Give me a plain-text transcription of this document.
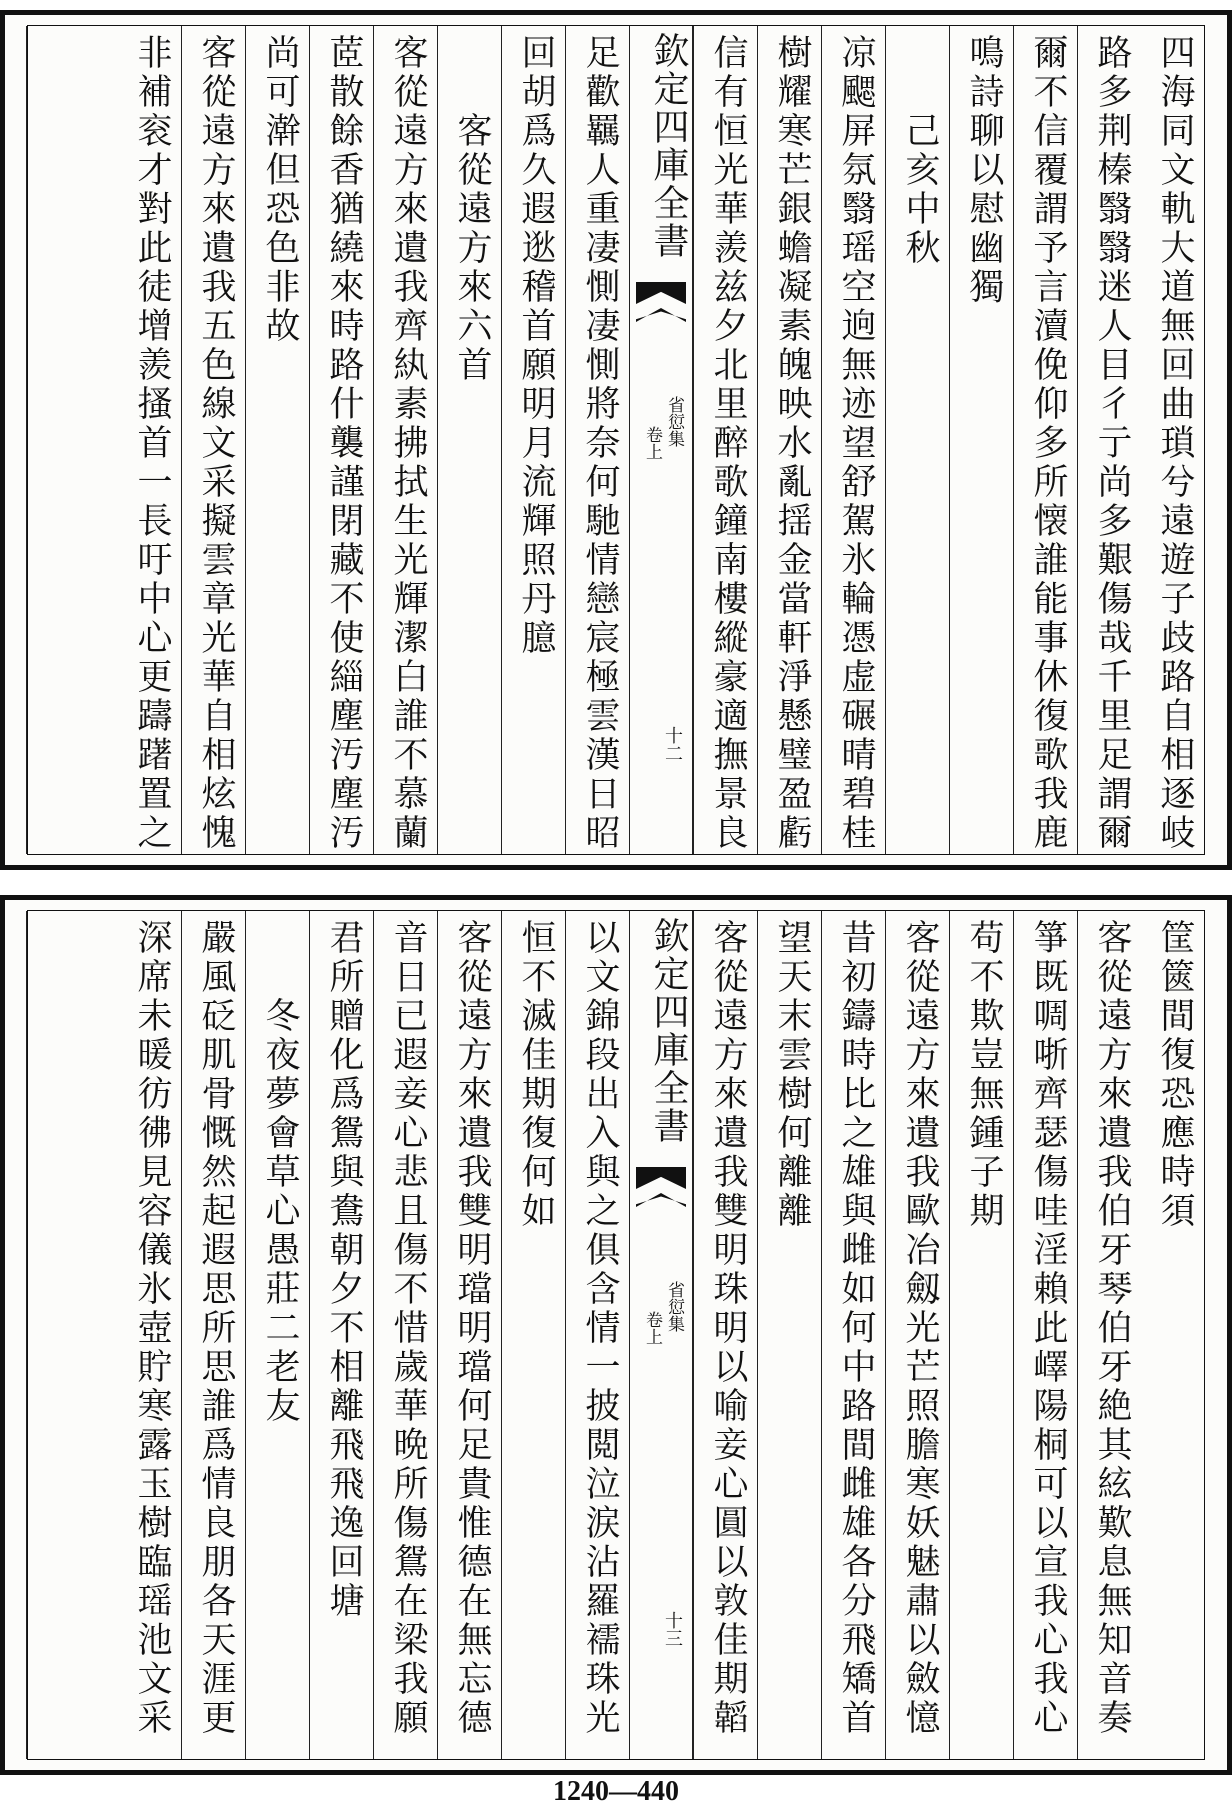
四海同文軌大道無回曲瑣兮遠遊子歧路自相逐岐
路多荆榛翳翳迷人目彳亍尚多艱傷哉千里足謂爾
爾不信覆謂予言瀆俛仰多所懐誰能事休復歌我鹿
鳴詩聊以慰幽獨
　　己亥中秋
凉颸屏氛翳瑶空逈無迹望舒駕氷輪憑虚碾晴碧桂
樹耀寒芒銀蟾凝素魄映水亂揺金當軒淨懸璧盈虧
信有恒光華羨兹夕北里醉歌鐘南樓縱豪適撫景良
欽定四庫全書
省愆集
卷上
十二
足歡羈人重凄惻凄惻將奈何馳情戀宸極雲漢日昭
回胡爲久遐逖稽首願明月流輝照丹臆
　　客從遠方來六首
客從遠方來遺我齊紈素拂拭生光輝潔白誰不慕蘭
茝散餘香猶繞來時路什襲謹閉藏不使緇塵汚塵汚
尚可澣但恐色非故
客從遠方來遺我五色線文采擬雲章光華自相炫愧
非補衮才對此徒增羨搔首一長吁中心更躊躇置之
筐篋間復恐應時須
客從遠方來遺我伯牙琴伯牙絶其絃歎息無知音奏
箏既啁哳齊瑟傷哇淫賴此嶧陽桐可以宣我心我心
苟不欺豈無鍾子期
客從遠方來遺我歐冶劔光芒照膽寒妖魅肅以斂憶
昔初鑄時比之雄與雌如何中路間雌雄各分飛矯首
望天末雲樹何離離
客從遠方來遺我雙明珠明以喻妾心圓以敦佳期韜
欽定四庫全書
省愆集
卷上
十三
以文錦段出入與之俱含情一披閲泣涙沾羅襦珠光
恒不滅佳期復何如
客從遠方來遺我雙明璫明璫何足貴惟德在無忘德
音日已遐妾心悲且傷不惜歲華晩所傷鴛在梁我願
君所贈化爲鴛與鴦朝夕不相離飛飛逸回塘
　　冬夜夢會草心愚莊二老友
嚴風砭肌骨慨然起遐思所思誰爲情良朋各天涯更
深席未暖彷彿見容儀氷壺貯寒露玉樹臨瑶池文采
1240—440
